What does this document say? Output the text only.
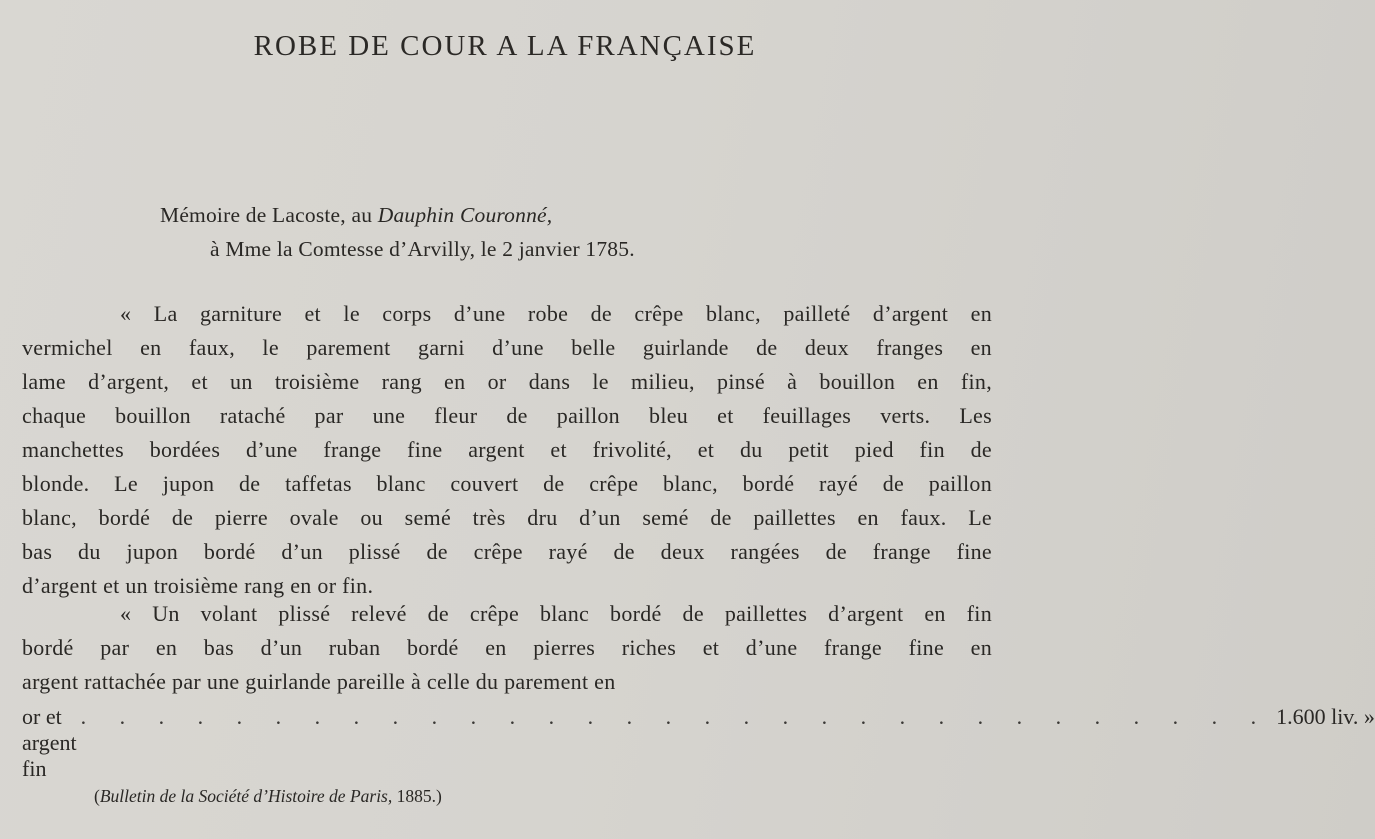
ROBE DE COUR A LA FRANÇAISE
Mémoire de Lacoste, au Dauphin Couronné,
à Mme la Comtesse d’Arvilly, le 2 janvier 1785.
« La garniture et le corps d’une robe de crêpe blanc, pailleté d’argent en
vermichel en faux, le parement garni d’une belle guirlande de deux franges en
lame d’argent, et un troisième rang en or dans le milieu, pinsé à bouillon en fin,
chaque bouillon rataché par une fleur de paillon bleu et feuillages verts. Les
manchettes bordées d’une frange fine argent et frivolité, et du petit pied fin de
blonde. Le jupon de taffetas blanc couvert de crêpe blanc, bordé rayé de paillon
blanc, bordé de pierre ovale ou semé très dru d’un semé de paillettes en faux. Le
bas du jupon bordé d’un plissé de crêpe rayé de deux rangées de frange fine
d’argent et un troisième rang en or fin.
« Un volant plissé relevé de crêpe blanc bordé de paillettes d’argent en fin
bordé par en bas d’un ruban bordé en pierres riches et d’une frange fine en
argent rattachée par une guirlande pareille à celle du parement en
or et argent fin
. . . . . . . . . . . . . . . . . . . . . . . . . . . . . . . 1.600 liv. »
(Bulletin de la Société d’Histoire de Paris, 1885.)
